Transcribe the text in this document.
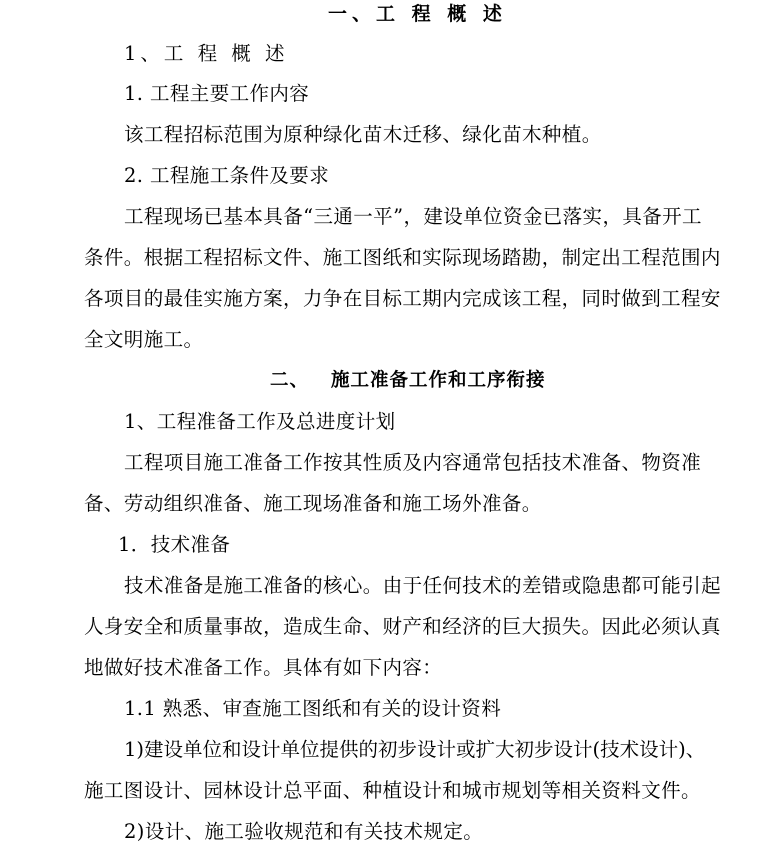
一、工 程 概 述
1、工 程 概 述
1. 工程主要工作内容
该工程招标范围为原种绿化苗木迁移、绿化苗木种植。
2. 工程施工条件及要求
工程现场已基本具备“三通一平”，建设单位资金已落实，具备开工
条件。根据工程招标文件、施工图纸和实际现场踏勘，制定出工程范围内
各项目的最佳实施方案，力争在目标工期内完成该工程，同时做到工程安
全文明施工。
二、 施工准备工作和工序衔接
1、工程准备工作及总进度计划
工程项目施工准备工作按其性质及内容通常包括技术准备、物资准
备、劳动组织准备、施工现场准备和施工场外准备。
1．技术准备
技术准备是施工准备的核心。由于任何技术的差错或隐患都可能引起
人身安全和质量事故，造成生命、财产和经济的巨大损失。因此必须认真
地做好技术准备工作。具体有如下内容：
1.1 熟悉、审查施工图纸和有关的设计资料
1)建设单位和设计单位提供的初步设计或扩大初步设计(技术设计)、
施工图设计、园林设计总平面、种植设计和城市规划等相关资料文件。
2)设计、施工验收规范和有关技术规定。
